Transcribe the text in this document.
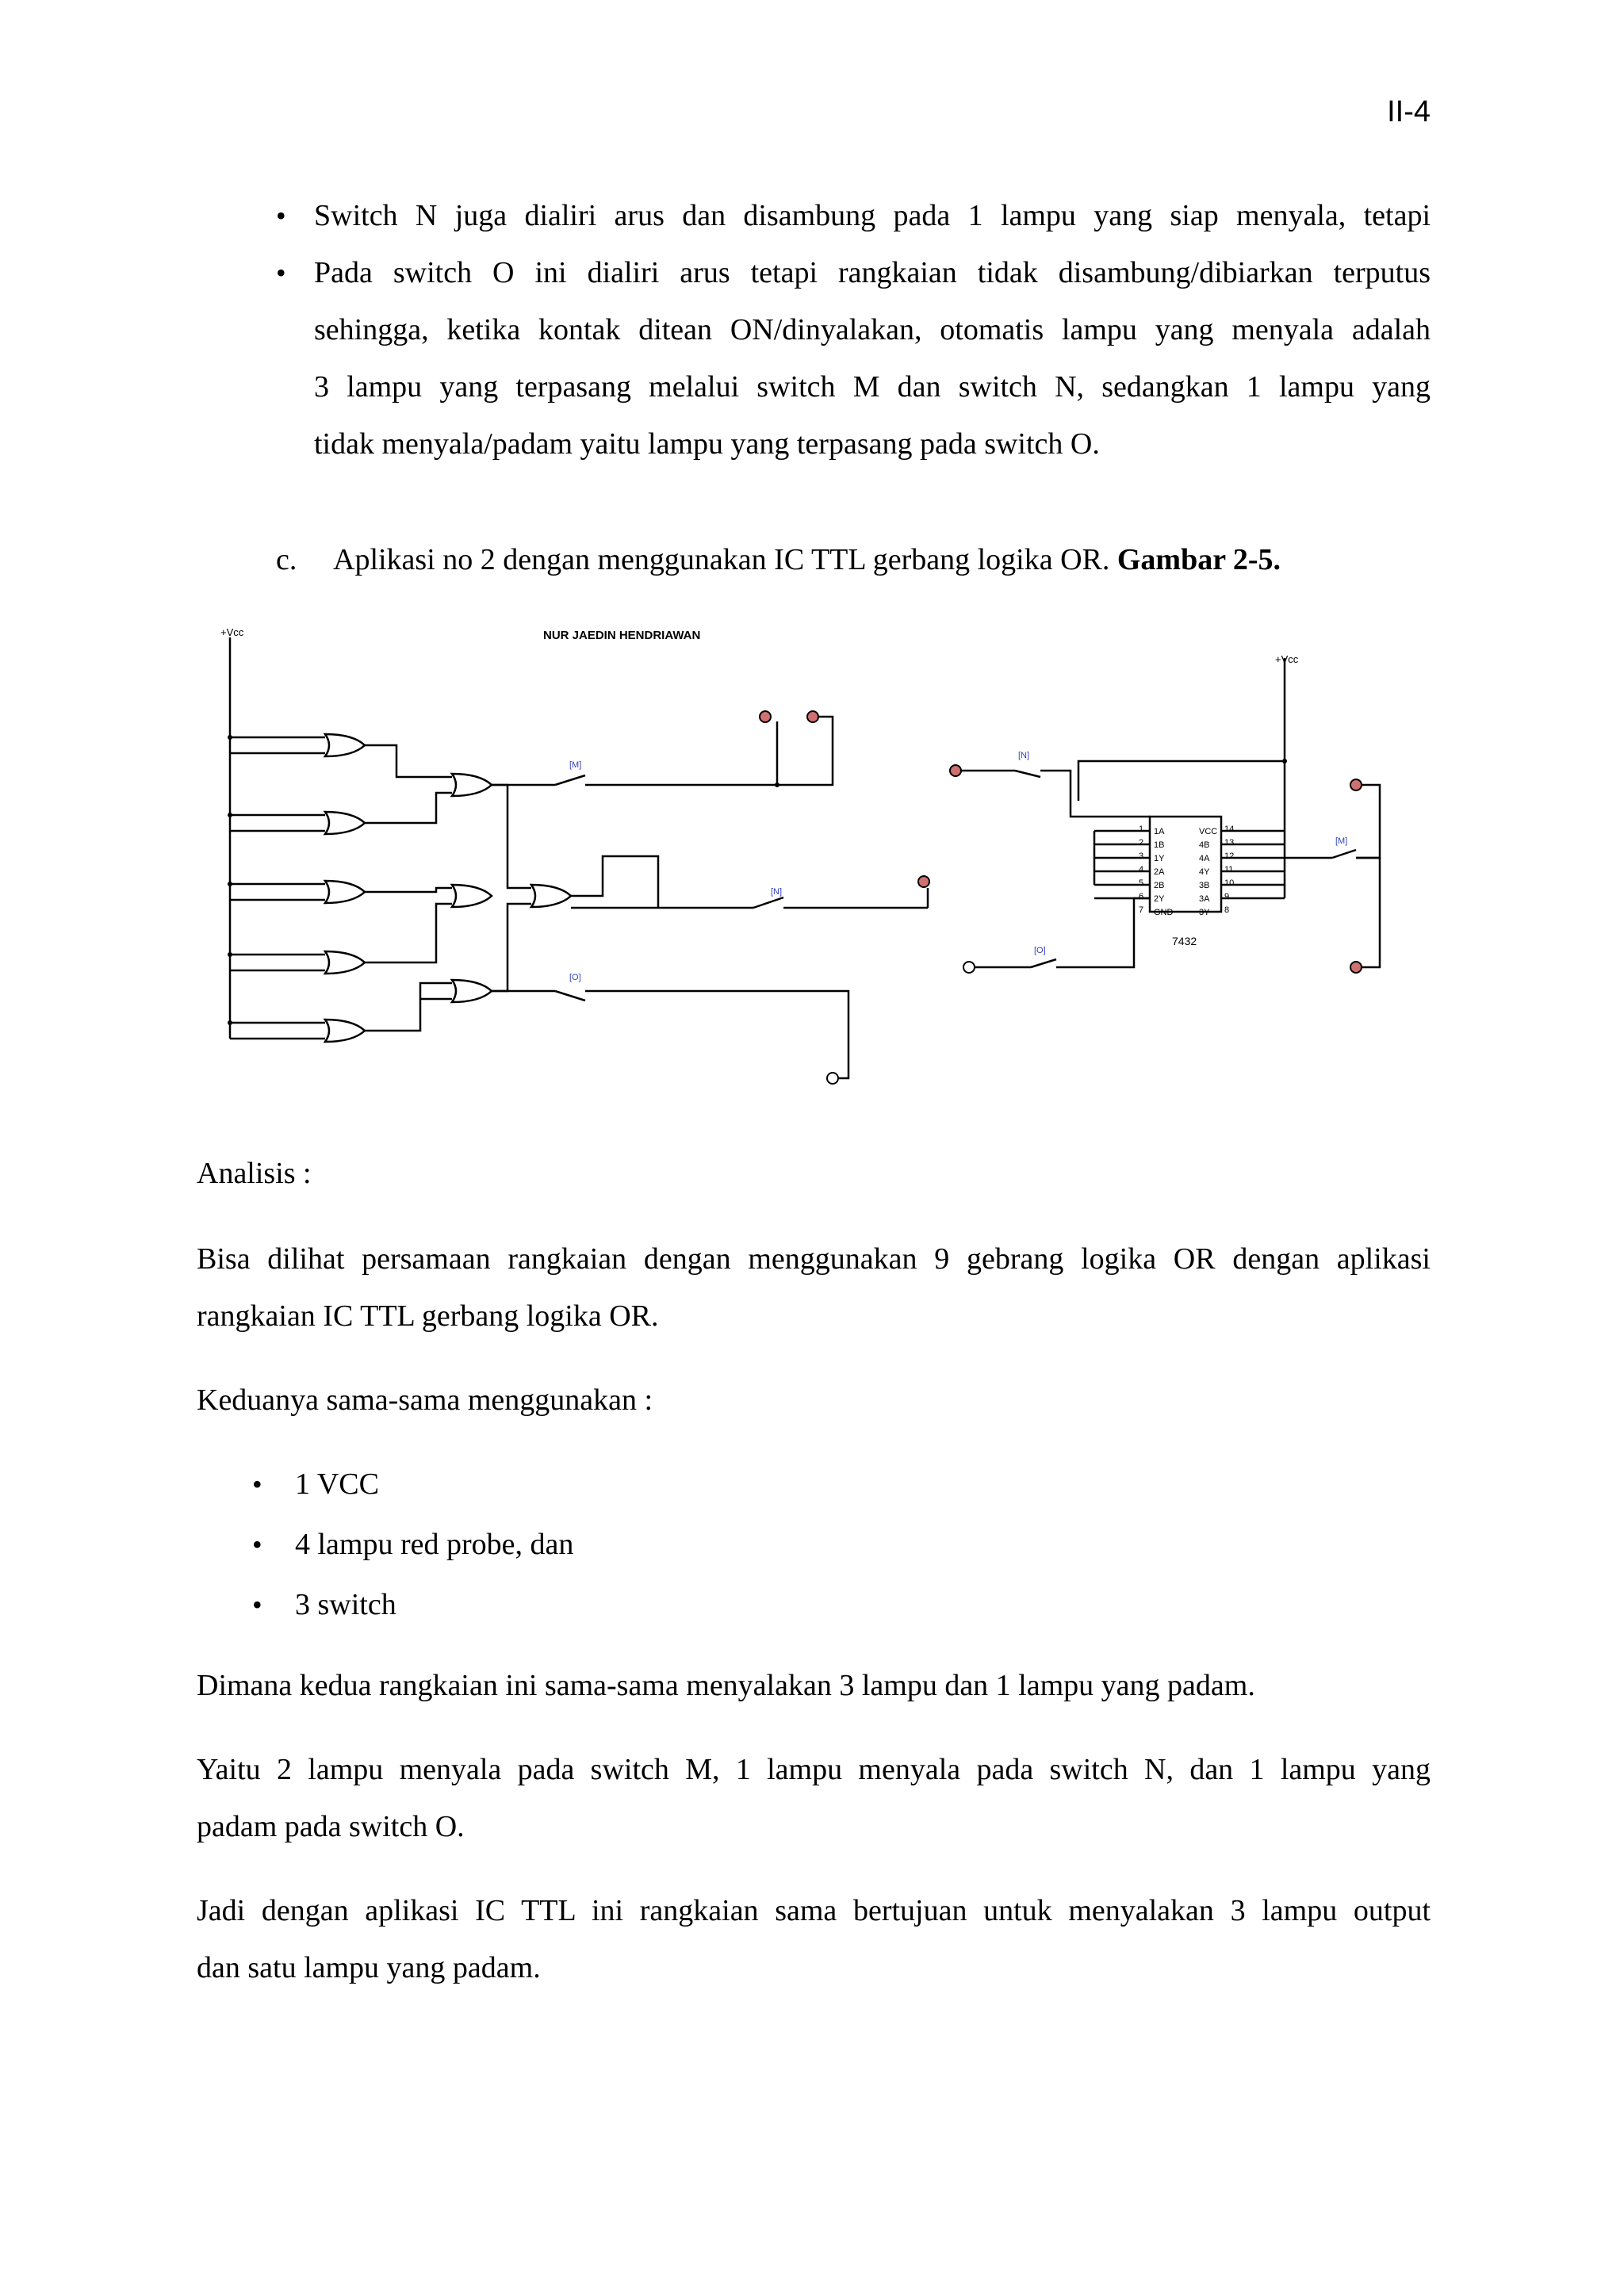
II-4
• Switch N juga dialiri arus dan disambung pada 1 lampu yang siap menyala, tetapi
• Pada switch O ini dialiri arus tetapi rangkaian tidak disambung/dibiarkan terputus
sehingga, ketika kontak ditean ON/dinyalakan, otomatis lampu yang menyala adalah
3 lampu yang terpasang melalui switch M dan switch N, sedangkan 1 lampu yang
tidak menyala/padam yaitu lampu yang terpasang pada switch O.
c. Aplikasi no 2 dengan menggunakan IC TTL gerbang logika OR. Gambar 2-5.
+Vcc	NUR JAEDIN HENDRIAWAN
+Vcc
[M]
[N]
[O]
[M]
[N]
[O]
7432
1A	VCC
1	14
1B	4B
2	13
1Y	4A
3	12
2A	4Y
4	11
2B	3B
5	10
2Y	3A
6	9
GND	3Y
7	8
Analisis :
Bisa dilihat persamaan rangkaian dengan menggunakan 9 gebrang logika OR dengan aplikasi
rangkaian IC TTL gerbang logika OR.
Keduanya sama-sama menggunakan :
• 1 VCC
• 4 lampu red probe, dan
• 3 switch
Dimana kedua rangkaian ini sama-sama menyalakan 3 lampu dan 1 lampu yang padam.
Yaitu 2 lampu menyala pada switch M, 1 lampu menyala pada switch N, dan 1 lampu yang
padam pada switch O.
Jadi dengan aplikasi IC TTL ini rangkaian sama bertujuan untuk menyalakan 3 lampu output
dan satu lampu yang padam.
